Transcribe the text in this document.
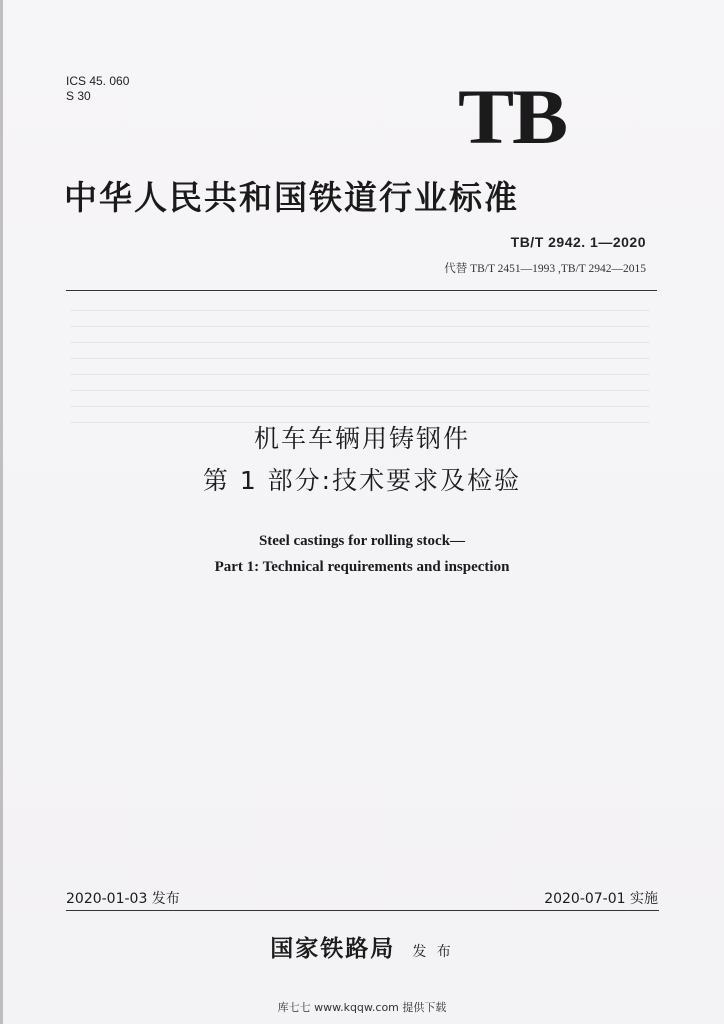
ICS 45. 060
S 30	TB
中华人民共和国铁道行业标准
TB/T 2942. 1—2020
代替 TB/T 2451—1993 ,TB/T 2942—2015
机车车辆用铸钢件
第 1 部分:技术要求及检验
Steel castings for rolling stock—
Part 1: Technical requirements and inspection
2020-01-03 发布	2020-07-01 实施
国家铁路局 发 布
库七七 www.kqqw.com 提供下载
